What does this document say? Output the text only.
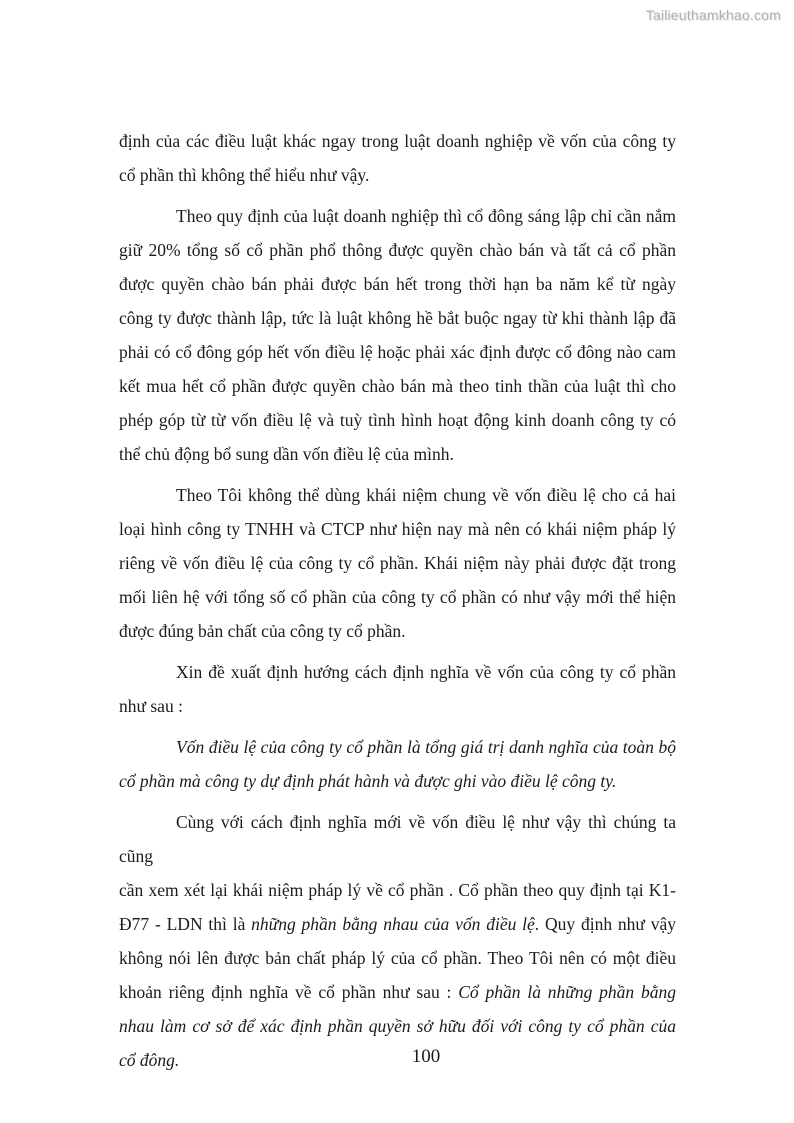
Tailieuthamkhao.com
định của các điều luật khác ngay trong luật doanh nghiệp về vốn của công ty
cổ phần thì không thể hiểu như vậy.
Theo quy định của luật doanh nghiệp thì cổ đông sáng lập chỉ cần nắm
giữ 20% tổng số cổ phần phổ thông được quyền chào bán và tất cả cổ phần
được quyền chào bán phải được bán hết trong thời hạn ba năm kể từ ngày
công ty được thành lập, tức là luật không hề bắt buộc ngay từ khi thành lập đã
phải có cổ đông góp hết vốn điều lệ hoặc phải xác định được cổ đông nào cam
kết mua hết cổ phần được quyền chào bán mà theo tinh thần của luật thì cho
phép góp từ từ vốn điều lệ và tuỳ tình hình hoạt động kinh doanh công ty có
thể chủ động bổ sung dần vốn điều lệ của mình.
Theo Tôi không thể dùng khái niệm chung về vốn điều lệ cho cả hai
loại hình công ty TNHH và CTCP như hiện nay mà nên có khái niệm pháp lý
riêng về vốn điều lệ của công ty cổ phần. Khái niệm này phải được đặt trong
mối liên hệ với tổng số cổ phần của công ty cổ phần có như vậy mới thể hiện
được đúng bản chất của công ty cổ phần.
Xin đề xuất định hướng cách định nghĩa về vốn của công ty cổ phần
như sau :
Vốn điều lệ của công ty cổ phần là tổng giá trị danh nghĩa của toàn bộ
cổ phần mà công ty dự định phát hành và được ghi vào điều lệ công ty.
Cùng với cách định nghĩa mới về vốn điều lệ như vậy thì chúng ta cũng
cần xem xét lại khái niệm pháp lý về cổ phần . Cổ phần theo quy định tại K1-
Đ77 - LDN thì là những phần bằng nhau của vốn điều lệ. Quy định như vậy
không nói lên được bản chất pháp lý của cổ phần. Theo Tôi nên có một điều
khoản riêng định nghĩa về cổ phần như sau : Cổ phần là những phần bằng
nhau làm cơ sở để xác định phần quyền sở hữu đối với công ty cổ phần của
cổ đông.	100
